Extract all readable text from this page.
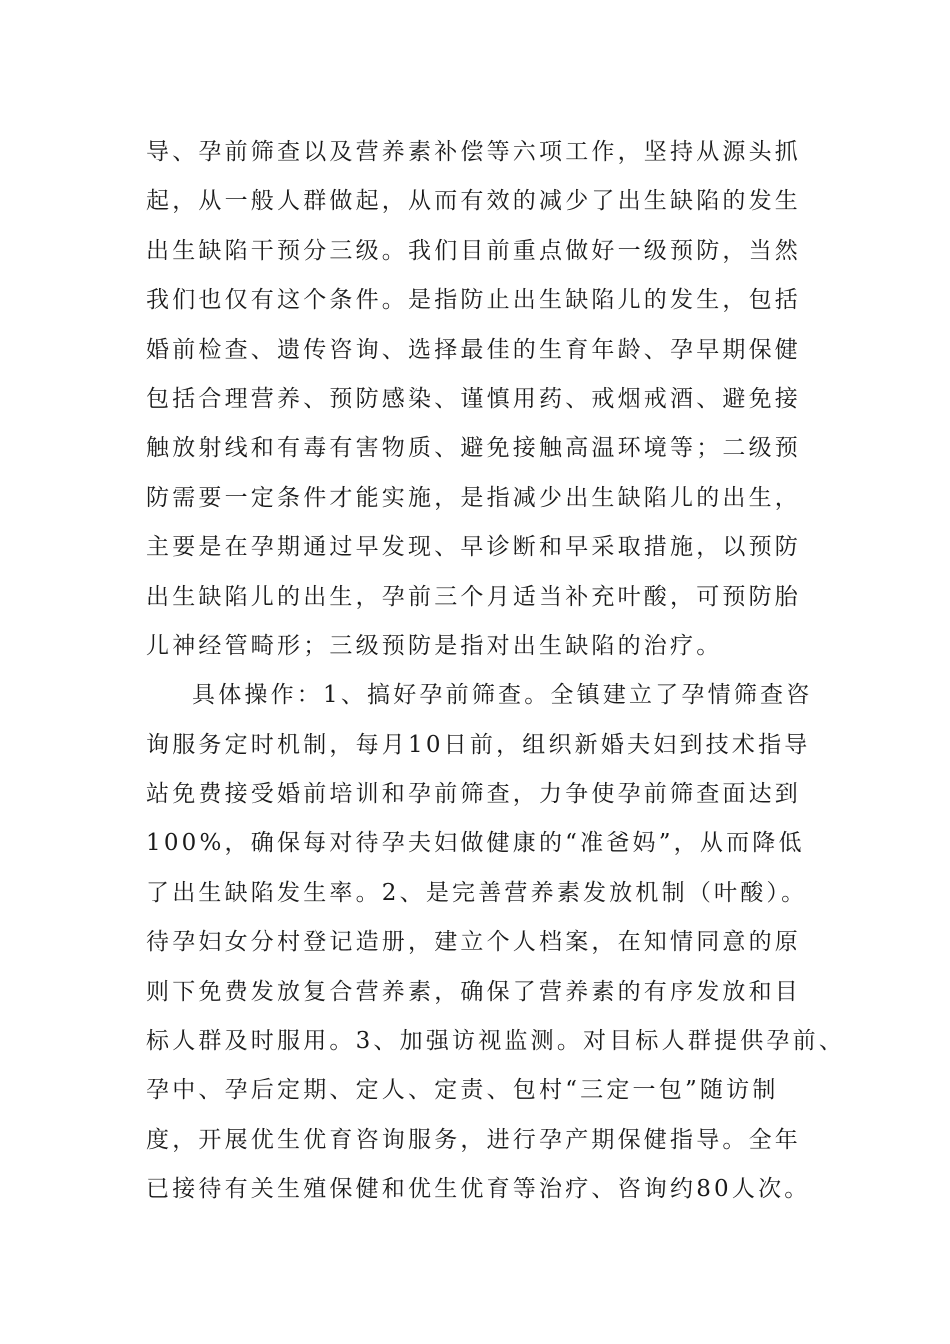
导、孕前筛查以及营养素补偿等六项工作，坚持从源头抓
起，从一般人群做起，从而有效的减少了出生缺陷的发生
出生缺陷干预分三级。我们目前重点做好一级预防，当然
我们也仅有这个条件。是指防止出生缺陷儿的发生，包括
婚前检查、遗传咨询、选择最佳的生育年龄、孕早期保健
包括合理营养、预防感染、谨慎用药、戒烟戒酒、避免接
触放射线和有毒有害物质、避免接触高温环境等；二级预
防需要一定条件才能实施，是指减少出生缺陷儿的出生，
主要是在孕期通过早发现、早诊断和早采取措施，以预防
出生缺陷儿的出生，孕前三个月适当补充叶酸，可预防胎
儿神经管畸形；三级预防是指对出生缺陷的治疗。
具体操作：1、搞好孕前筛查。全镇建立了孕情筛查咨
询服务定时机制，每月10日前，组织新婚夫妇到技术指导
站免费接受婚前培训和孕前筛查，力争使孕前筛查面达到
100%，确保每对待孕夫妇做健康的“准爸妈”，从而降低
了出生缺陷发生率。2、是完善营养素发放机制（叶酸）。
待孕妇女分村登记造册，建立个人档案，在知情同意的原
则下免费发放复合营养素，确保了营养素的有序发放和目
标人群及时服用。3、加强访视监测。对目标人群提供孕前、
孕中、孕后定期、定人、定责、包村“三定一包”随访制
度，开展优生优育咨询服务，进行孕产期保健指导。全年
已接待有关生殖保健和优生优育等治疗、咨询约80人次。
